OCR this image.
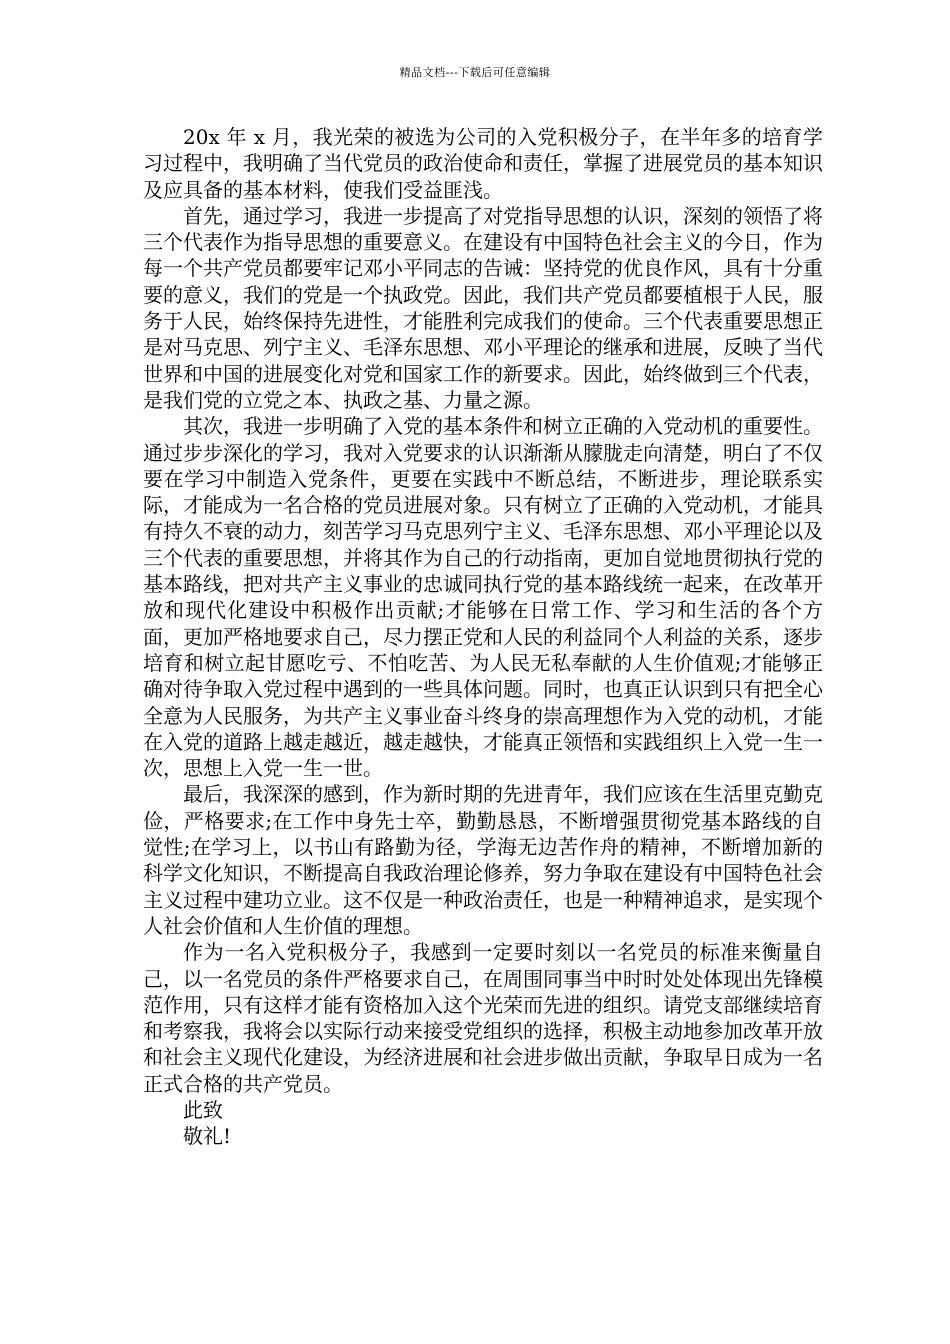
精品文档---下载后可任意编辑

20x 年 x 月，我光荣的被选为公司的入党积极分子，在半年多的培育学习过程中，我明确了当代党员的政治使命和责任，掌握了进展党员的基本知识及应具备的基本材料，使我们受益匪浅。

首先，通过学习，我进一步提高了对党指导思想的认识，深刻的领悟了将三个代表作为指导思想的重要意义。在建设有中国特色社会主义的今日，作为每一个共产党员都要牢记邓小平同志的告诫：坚持党的优良作风，具有十分重要的意义，我们的党是一个执政党。因此，我们共产党员都要植根于人民，服务于人民，始终保持先进性，才能胜利完成我们的使命。三个代表重要思想正是对马克思、列宁主义、毛泽东思想、邓小平理论的继承和进展，反映了当代世界和中国的进展变化对党和国家工作的新要求。因此，始终做到三个代表，是我们党的立党之本、执政之基、力量之源。

其次，我进一步明确了入党的基本条件和树立正确的入党动机的重要性。通过步步深化的学习，我对入党要求的认识渐渐从朦胧走向清楚，明白了不仅要在学习中制造入党条件，更要在实践中不断总结，不断进步，理论联系实际，才能成为一名合格的党员进展对象。只有树立了正确的入党动机，才能具有持久不衰的动力，刻苦学习马克思列宁主义、毛泽东思想、邓小平理论以及三个代表的重要思想，并将其作为自己的行动指南，更加自觉地贯彻执行党的基本路线，把对共产主义事业的忠诚同执行党的基本路线统一起来，在改革开放和现代化建设中积极作出贡献;才能够在日常工作、学习和生活的各个方面，更加严格地要求自己，尽力摆正党和人民的利益同个人利益的关系，逐步培育和树立起甘愿吃亏、不怕吃苦、为人民无私奉献的人生价值观;才能够正确对待争取入党过程中遇到的一些具体问题。同时，也真正认识到只有把全心全意为人民服务，为共产主义事业奋斗终身的崇高理想作为入党的动机，才能在入党的道路上越走越近，越走越快，才能真正领悟和实践组织上入党一生一次，思想上入党一生一世。

最后，我深深的感到，作为新时期的先进青年，我们应该在生活里克勤克俭，严格要求;在工作中身先士卒，勤勤恳恳，不断增强贯彻党基本路线的自觉性;在学习上，以书山有路勤为径，学海无边苦作舟的精神，不断增加新的科学文化知识，不断提高自我政治理论修养，努力争取在建设有中国特色社会主义过程中建功立业。这不仅是一种政治责任，也是一种精神追求，是实现个人社会价值和人生价值的理想。

作为一名入党积极分子，我感到一定要时刻以一名党员的标准来衡量自己，以一名党员的条件严格要求自己，在周围同事当中时时处处体现出先锋模范作用，只有这样才能有资格加入这个光荣而先进的组织。请党支部继续培育和考察我，我将会以实际行动来接受党组织的选择，积极主动地参加改革开放和社会主义现代化建设，为经济进展和社会进步做出贡献，争取早日成为一名正式合格的共产党员。

此致

敬礼!
